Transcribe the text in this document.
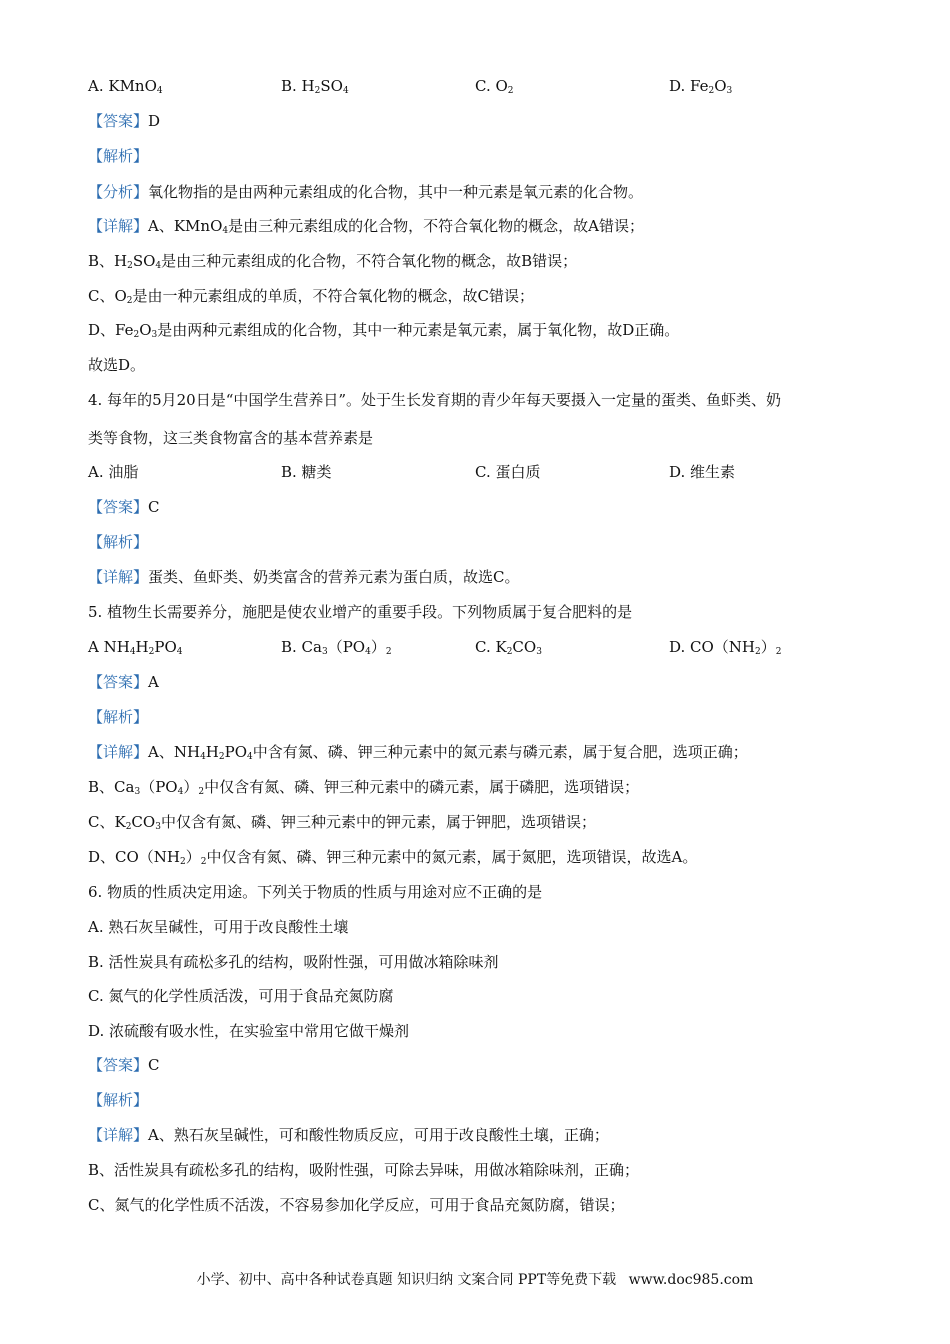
A. KMnO$_4$	B. $H_2SO_4$	C. $O_2$	D. $Fe_2O_3$
【答案】D
【解析】
【分析】氧化物指的是由两种元素组成的化合物，其中一种元素是氧元素的化合物。
【详解】A、KMnO$_4$是由三种元素组成的化合物，不符合氧化物的概念，故A错误；
B、$H_2SO_4$是由三种元素组成的化合物，不符合氧化物的概念，故B错误；
C、$O_2$是由一种元素组成的单质，不符合氧化物的概念，故C错误；
D、$Fe_2O_3$是由两种元素组成的化合物，其中一种元素是氧元素，属于氧化物，故D正确。
故选D。
4. 每年的5月20日是“中国学生营养日”。处于生长发育期的青少年每天要摄入一定量的蛋类、鱼虾类、奶
类等食物，这三类食物富含的基本营养素是
A. 油脂	B. 糖类	C. 蛋白质	D. 维生素
【答案】C
【解析】
【详解】蛋类、鱼虾类、奶类富含的营养元素为蛋白质，故选C。
5. 植物生长需要养分，施肥是使农业增产的重要手段。下列物质属于复合肥料的是
A $NH_4H_2PO_4$	B. $Ca_3(PO_4)_2$	C. $K_2CO_3$	D. $CO(NH_2)_2$
【答案】A
【解析】
【详解】A、$NH_4H_2PO_4$中含有氮、磷、钾三种元素中的氮元素与磷元素，属于复合肥，选项正确；
B、$Ca_3(PO_4)_2$中仅含有氮、磷、钾三种元素中的磷元素，属于磷肥，选项错误；
C、$K_2CO_3$中仅含有氮、磷、钾三种元素中的钾元素，属于钾肥，选项错误；
D、$CO(NH_2)_2$中仅含有氮、磷、钾三种元素中的氮元素，属于氮肥，选项错误，故选A。
6. 物质的性质决定用途。下列关于物质的性质与用途对应不正确的是
A. 熟石灰呈碱性，可用于改良酸性土壤
B. 活性炭具有疏松多孔的结构，吸附性强，可用做冰箱除味剂
C. 氮气的化学性质活泼，可用于食品充氮防腐
D. 浓硫酸有吸水性，在实验室中常用它做干燥剂
【答案】C
【解析】
【详解】A、熟石灰呈碱性，可和酸性物质反应，可用于改良酸性土壤，正确；
B、活性炭具有疏松多孔的结构，吸附性强，可除去异味，用做冰箱除味剂，正确；
C、氮气的化学性质不活泼，不容易参加化学反应，可用于食品充氮防腐，错误；
小学、初中、高中各种试卷真题 知识归纳 文案合同 PPT等免费下载 www.doc985.com
